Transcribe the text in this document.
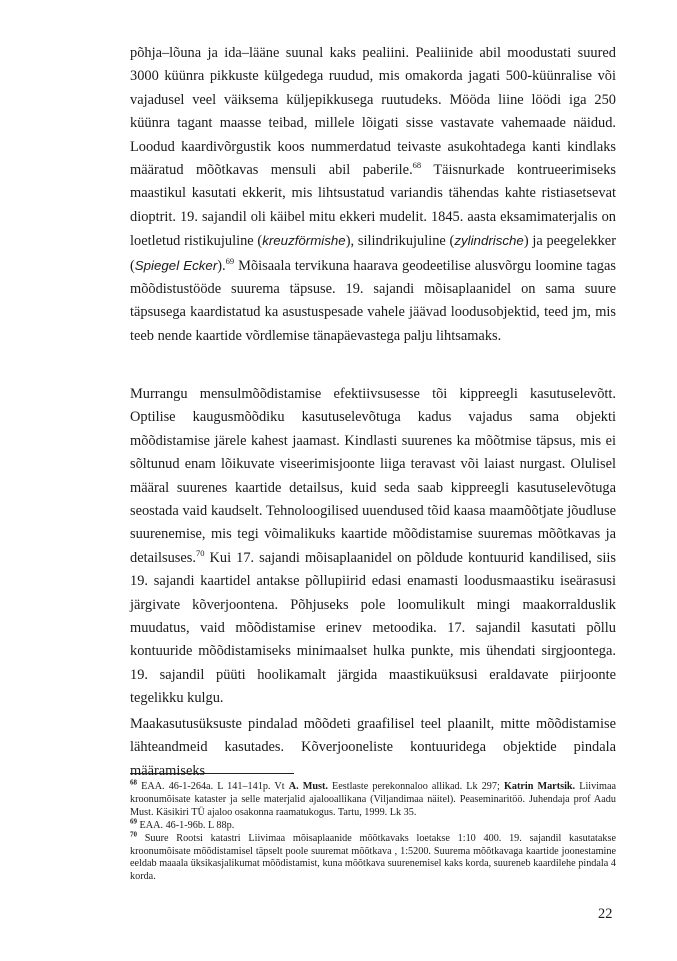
põhja–lõuna ja ida–lääne suunal kaks pealiini. Pealiinide abil moodustati suured 3000 küünra pikkuste külgedega ruudud, mis omakorda jagati 500-küünralise või vajadusel veel väiksema küljepikkusega ruutudeks. Mööda liine löödi iga 250 küünra tagant maasse teibad, millele lõigati sisse vastavate vahemaade näidud. Loodud kaardivõrgustik koos nummerdatud teivaste asukohtadega kanti kindlaks määratud mõõtkavas mensuli abil paberile.$^{68}$ Täisnurkade kontrueerimiseks maastikul kasutati ekkerit, mis lihtsustatud variandis tähendas kahte ristiasetsevat dioptrit. 19. sajandil oli käibel mitu ekkeri mudelit. 1845. aasta eksamimaterjalis on loetletud ristikujuline (kreuzförmishe), silindrikujuline (zylindrische) ja peegelekker (Spiegel Ecker).$^{69}$ Mõisaala tervikuna haarava geodeetilise alusvõrgu loomine tagas mõõdistustööde suurema täpsuse. 19. sajandi mõisaplaanidel on sama suure täpsusega kaardistatud ka asustuspesade vahele jäävad loodusobjektid, teed jm, mis teeb nende kaartide võrdlemise tänapäevastega palju lihtsamaks.

Murrangu mensulmõõdistamise efektiivsusesse tõi kippreegli kasutuselevõtt. Optilise kaugusmõõdiku kasutuselevõtuga kadus vajadus sama objekti mõõdistamise järele kahest jaamast. Kindlasti suurenes ka mõõtmise täpsus, mis ei sõltunud enam lõikuvate viseerimisjoonte liiga teravast või laiast nurgast. Olulisel määral suurenes kaartide detailsus, kuid seda saab kippreegli kasutuselevõtuga seostada vaid kaudselt. Tehnoloogilised uuendused tõid kaasa maamõõtjate jõudluse suurenemise, mis tegi võimalikuks kaartide mõõdistamise suuremas mõõtkavas ja detailsuses.$^{70}$ Kui 17. sajandi mõisaplaanidel on põldude kontuurid kandilised, siis 19. sajandi kaartidel antakse põllupiirid edasi enamasti loodusmaastiku iseärasusi järgivate kõverjoontena. Põhjuseks pole loomulikult mingi maakorralduslik muudatus, vaid mõõdistamise erinev metoodika. 17. sajandil kasutati põllu kontuuride mõõdistamiseks minimaalset hulka punkte, mis ühendati sirgjoontega. 19. sajandil püüti hoolikamalt järgida maastikuüksusi eraldavate piirjoonte tegelikku kulgu.

Maakasutusüksuste pindalad mõõdeti graafilisel teel plaanilt, mitte mõõdistamise lähteandmeid kasutades. Kõverjooneliste kontuuridega objektide pindala määramiseks

$^{68}$ EAA. 46-1-264a. L 141–141p. Vt A. Must. Eestlaste perekonnaloo allikad. Lk 297; Katrin Martsik. Liivimaa kroonumõisate kataster ja selle materjalid ajalooallikana (Viljandimaa näitel). Peaseminaritöö. Juhendaja prof Aadu Must. Käsikiri TÜ ajaloo osakonna raamatukogus. Tartu, 1999. Lk 35.

$^{69}$ EAA. 46-1-96b. L 88p.

$^{70}$ Suure Rootsi katastri Liivimaa mõisaplaanide mõõtkavaks loetakse 1:10 400. 19. sajandil kasutatakse kroonumõisate mõõdistamisel täpselt poole suuremat mõõtkava , 1:5200. Suurema mõõtkavaga kaartide joonestamine eeldab maaala üksikasjalikumat mõõdistamist, kuna mõõtkava suurenemisel kaks korda, suureneb kaardilehe pindala 4 korda.

22
